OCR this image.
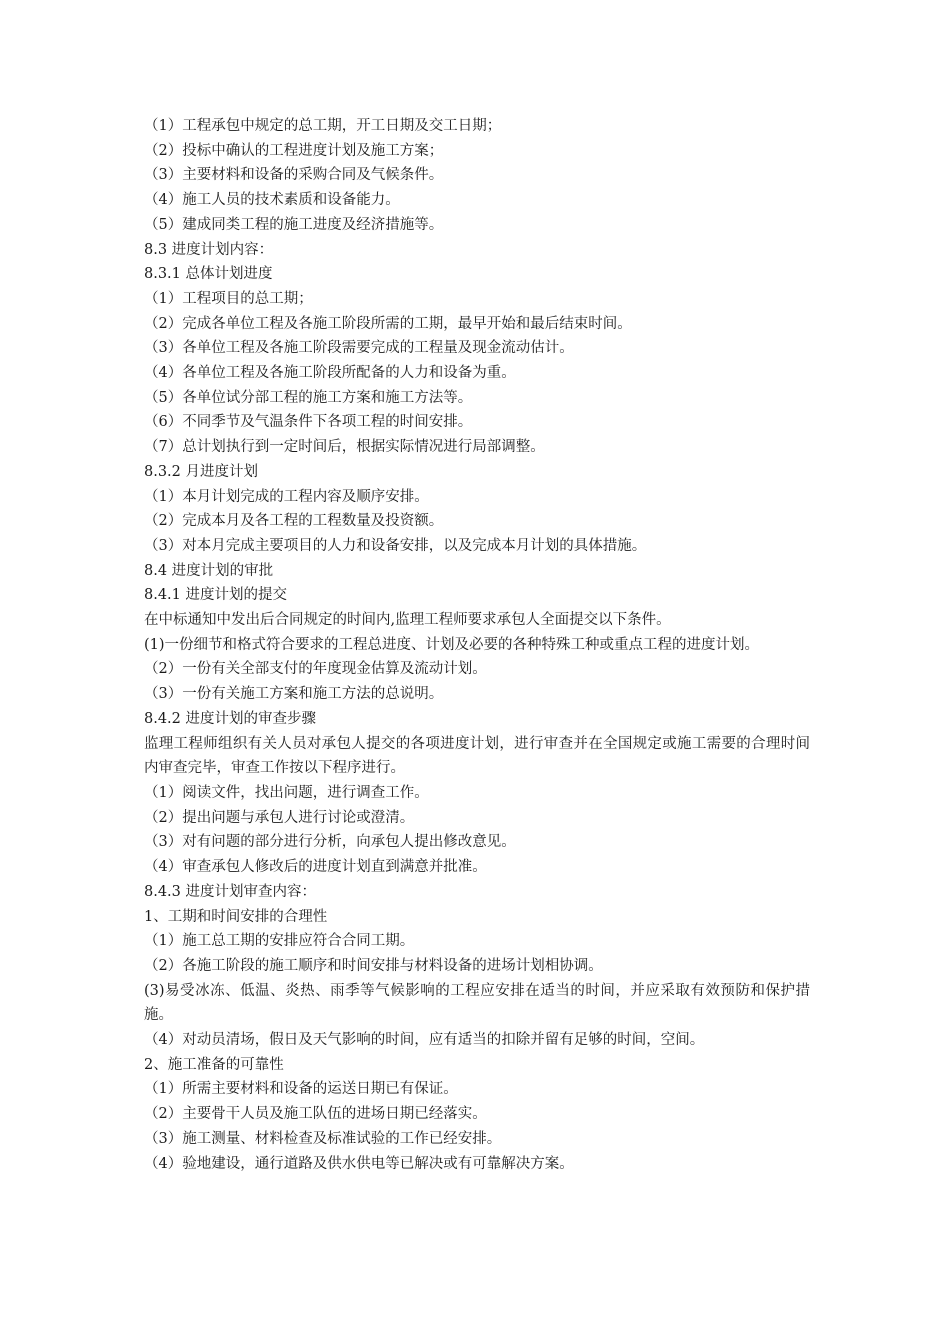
（1）工程承包中规定的总工期，开工日期及交工日期；

（2）投标中确认的工程进度计划及施工方案；

（3）主要材料和设备的采购合同及气候条件。

（4）施工人员的技术素质和设备能力。

（5）建成同类工程的施工进度及经济措施等。

8.3 进度计划内容：

8.3.1 总体计划进度

（1）工程项目的总工期；

（2）完成各单位工程及各施工阶段所需的工期，最早开始和最后结束时间。

（3）各单位工程及各施工阶段需要完成的工程量及现金流动估计。

（4）各单位工程及各施工阶段所配备的人力和设备为重。

（5）各单位试分部工程的施工方案和施工方法等。

（6）不同季节及气温条件下各项工程的时间安排。

（7）总计划执行到一定时间后，根据实际情况进行局部调整。

8.3.2 月进度计划

（1）本月计划完成的工程内容及顺序安排。

（2）完成本月及各工程的工程数量及投资额。

（3）对本月完成主要项目的人力和设备安排，以及完成本月计划的具体措施。

8.4 进度计划的审批

8.4.1 进度计划的提交

在中标通知中发出后合同规定的时间内,监理工程师要求承包人全面提交以下条件。

(1)一份细节和格式符合要求的工程总进度、计划及必要的各种特殊工种或重点工程的进度计划。

（2）一份有关全部支付的年度现金估算及流动计划。

（3）一份有关施工方案和施工方法的总说明。

8.4.2 进度计划的审查步骤

监理工程师组织有关人员对承包人提交的各项进度计划，进行审查并在全国规定或施工需要的合理时间内审查完毕，审查工作按以下程序进行。

（1）阅读文件，找出问题，进行调查工作。

（2）提出问题与承包人进行讨论或澄清。

（3）对有问题的部分进行分析，向承包人提出修改意见。

（4）审查承包人修改后的进度计划直到满意并批准。

8.4.3 进度计划审查内容：

1、工期和时间安排的合理性

（1）施工总工期的安排应符合合同工期。

（2）各施工阶段的施工顺序和时间安排与材料设备的进场计划相协调。

(3)易受冰冻、低温、炎热、雨季等气候影响的工程应安排在适当的时间，并应采取有效预防和保护措施。

（4）对动员清场，假日及天气影响的时间，应有适当的扣除并留有足够的时间，空间。

2、施工准备的可靠性

（1）所需主要材料和设备的运送日期已有保证。

（2）主要骨干人员及施工队伍的进场日期已经落实。

（3）施工测量、材料检查及标准试验的工作已经安排。

（4）验地建设，通行道路及供水供电等已解决或有可靠解决方案。
